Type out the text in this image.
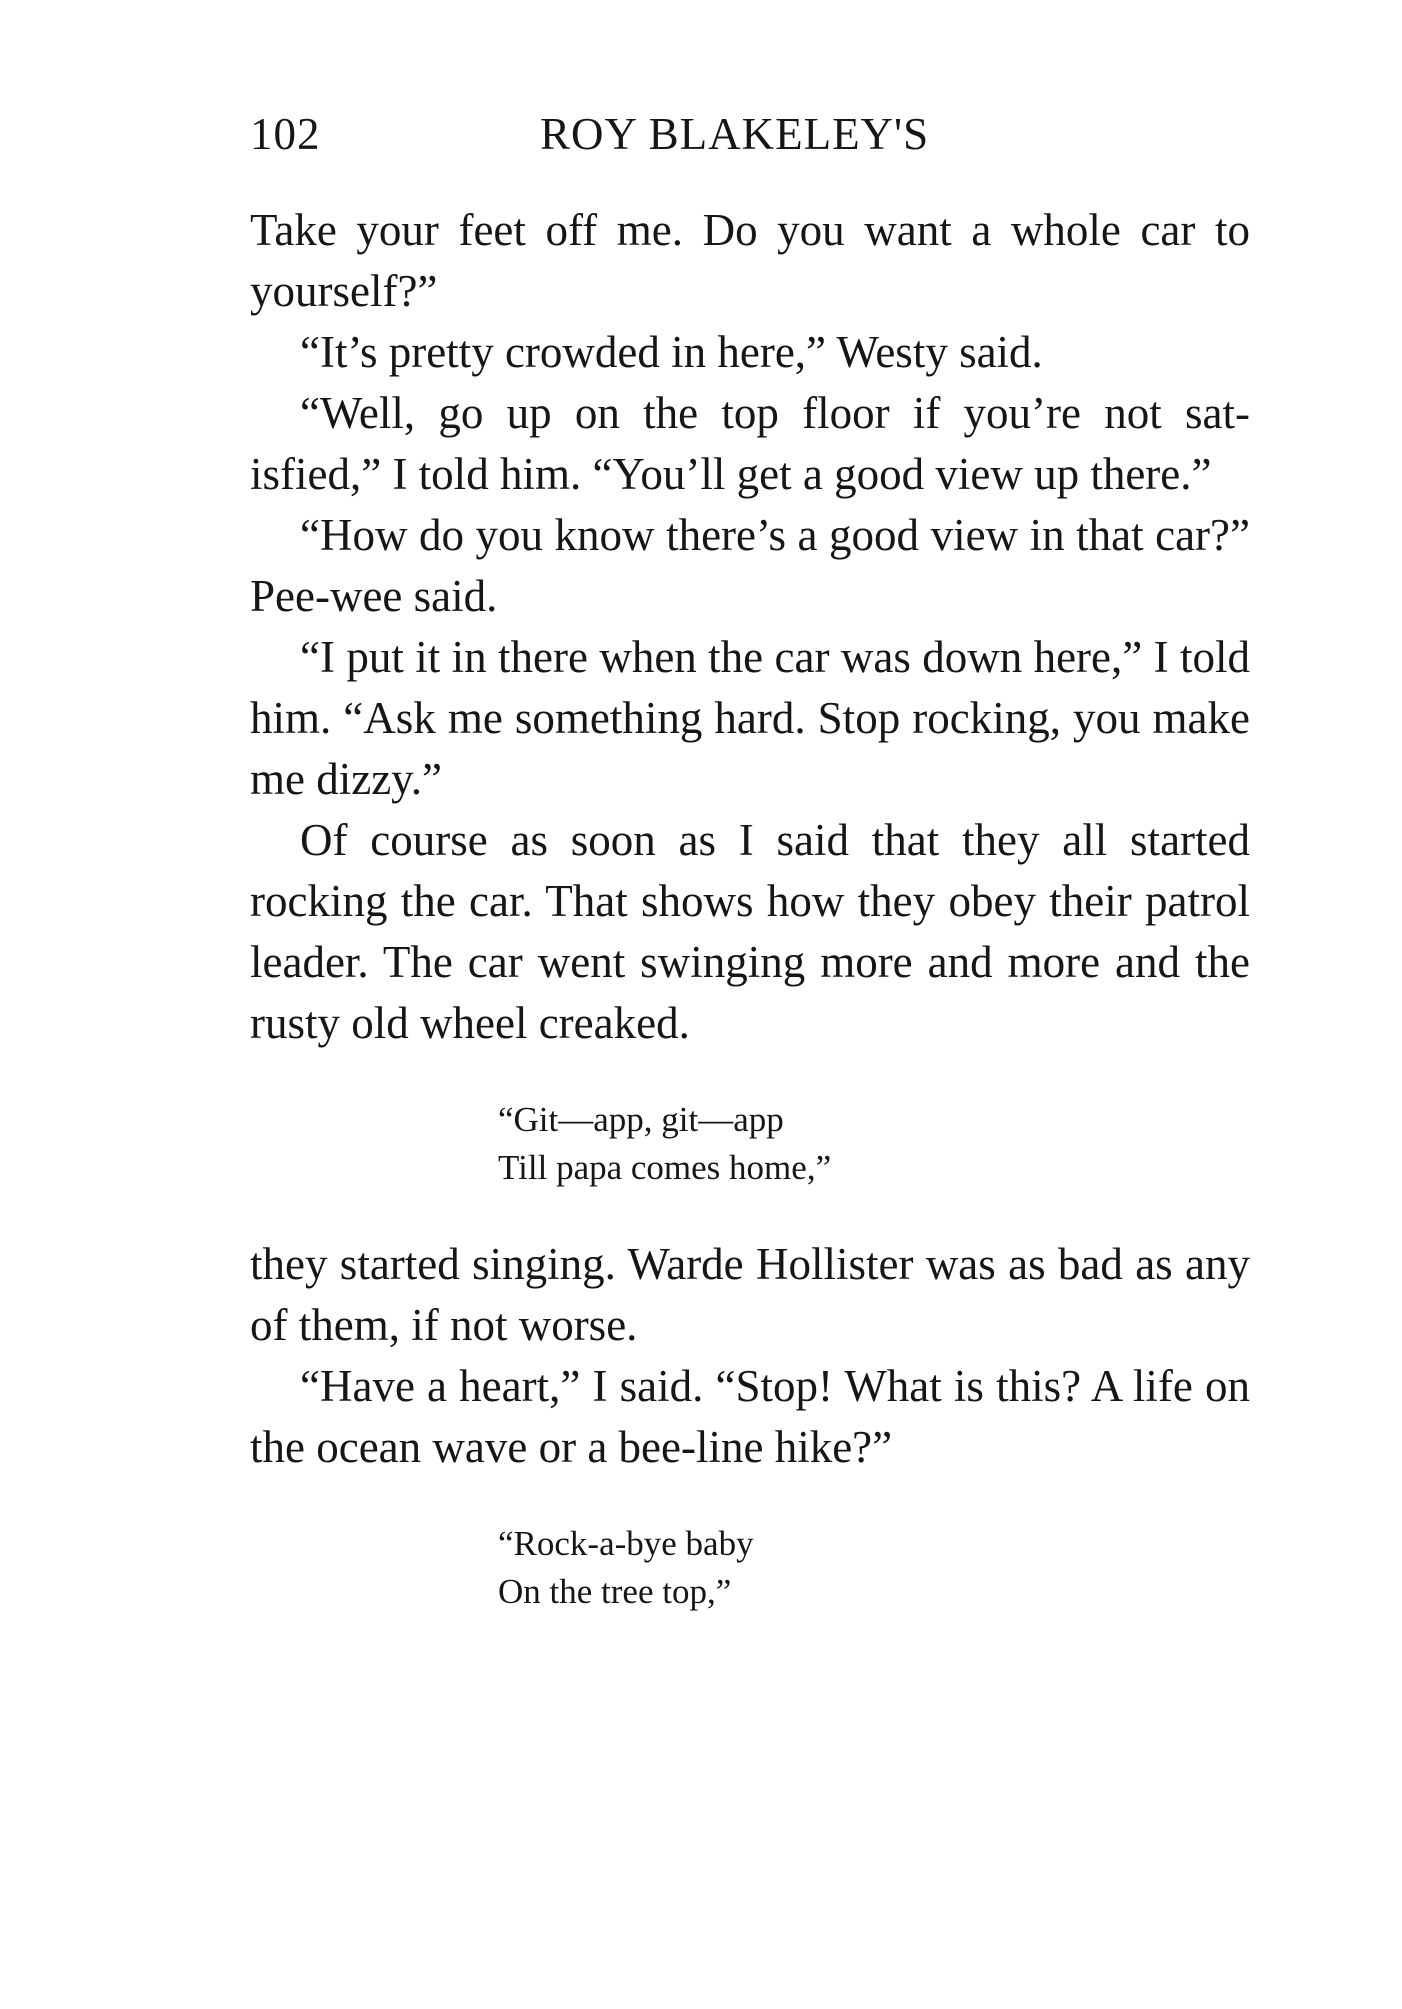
102	ROY BLAKELEY'S

Take your feet off me. Do you want a whole car to yourself?”

“It’s pretty crowded in here,” Westy said.

“Well, go up on the top floor if you’re not sat-isfied,” I told him. “You’ll get a good view up there.”

“How do you know there’s a good view in that car?” Pee-wee said.

“I put it in there when the car was down here,” I told him. “Ask me something hard. Stop rocking, you make me dizzy.”

Of course as soon as I said that they all started rocking the car. That shows how they obey their patrol leader. The car went swinging more and more and the rusty old wheel creaked.

“Git—app, git—app
Till papa comes home,”

they started singing. Warde Hollister was as bad as any of them, if not worse.

“Have a heart,” I said. “Stop! What is this? A life on the ocean wave or a bee-line hike?”

“Rock-a-bye baby
On the tree top,”
